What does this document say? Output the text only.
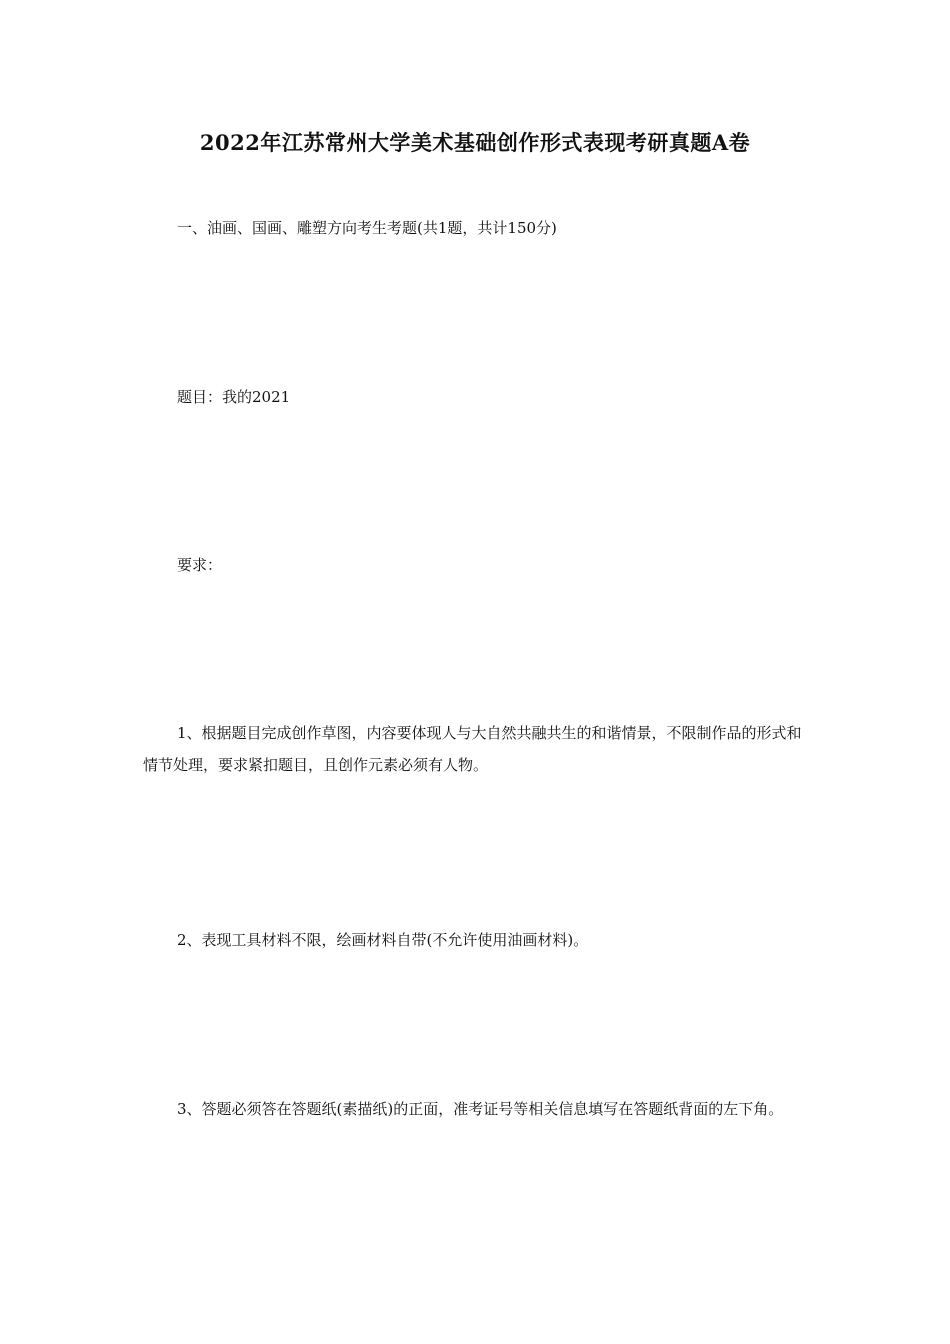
2022年江苏常州大学美术基础创作形式表现考研真题A卷

一、油画、国画、雕塑方向考生考题(共1题，共计150分)

题目：我的2021

要求：

1、根据题目完成创作草图，内容要体现人与大自然共融共生的和谐情景，不限制作品的形式和情节处理，要求紧扣题目，且创作元素必须有人物。

2、表现工具材料不限，绘画材料自带(不允许使用油画材料)。

3、答题必须答在答题纸(素描纸)的正面，准考证号等相关信息填写在答题纸背面的左下角。
